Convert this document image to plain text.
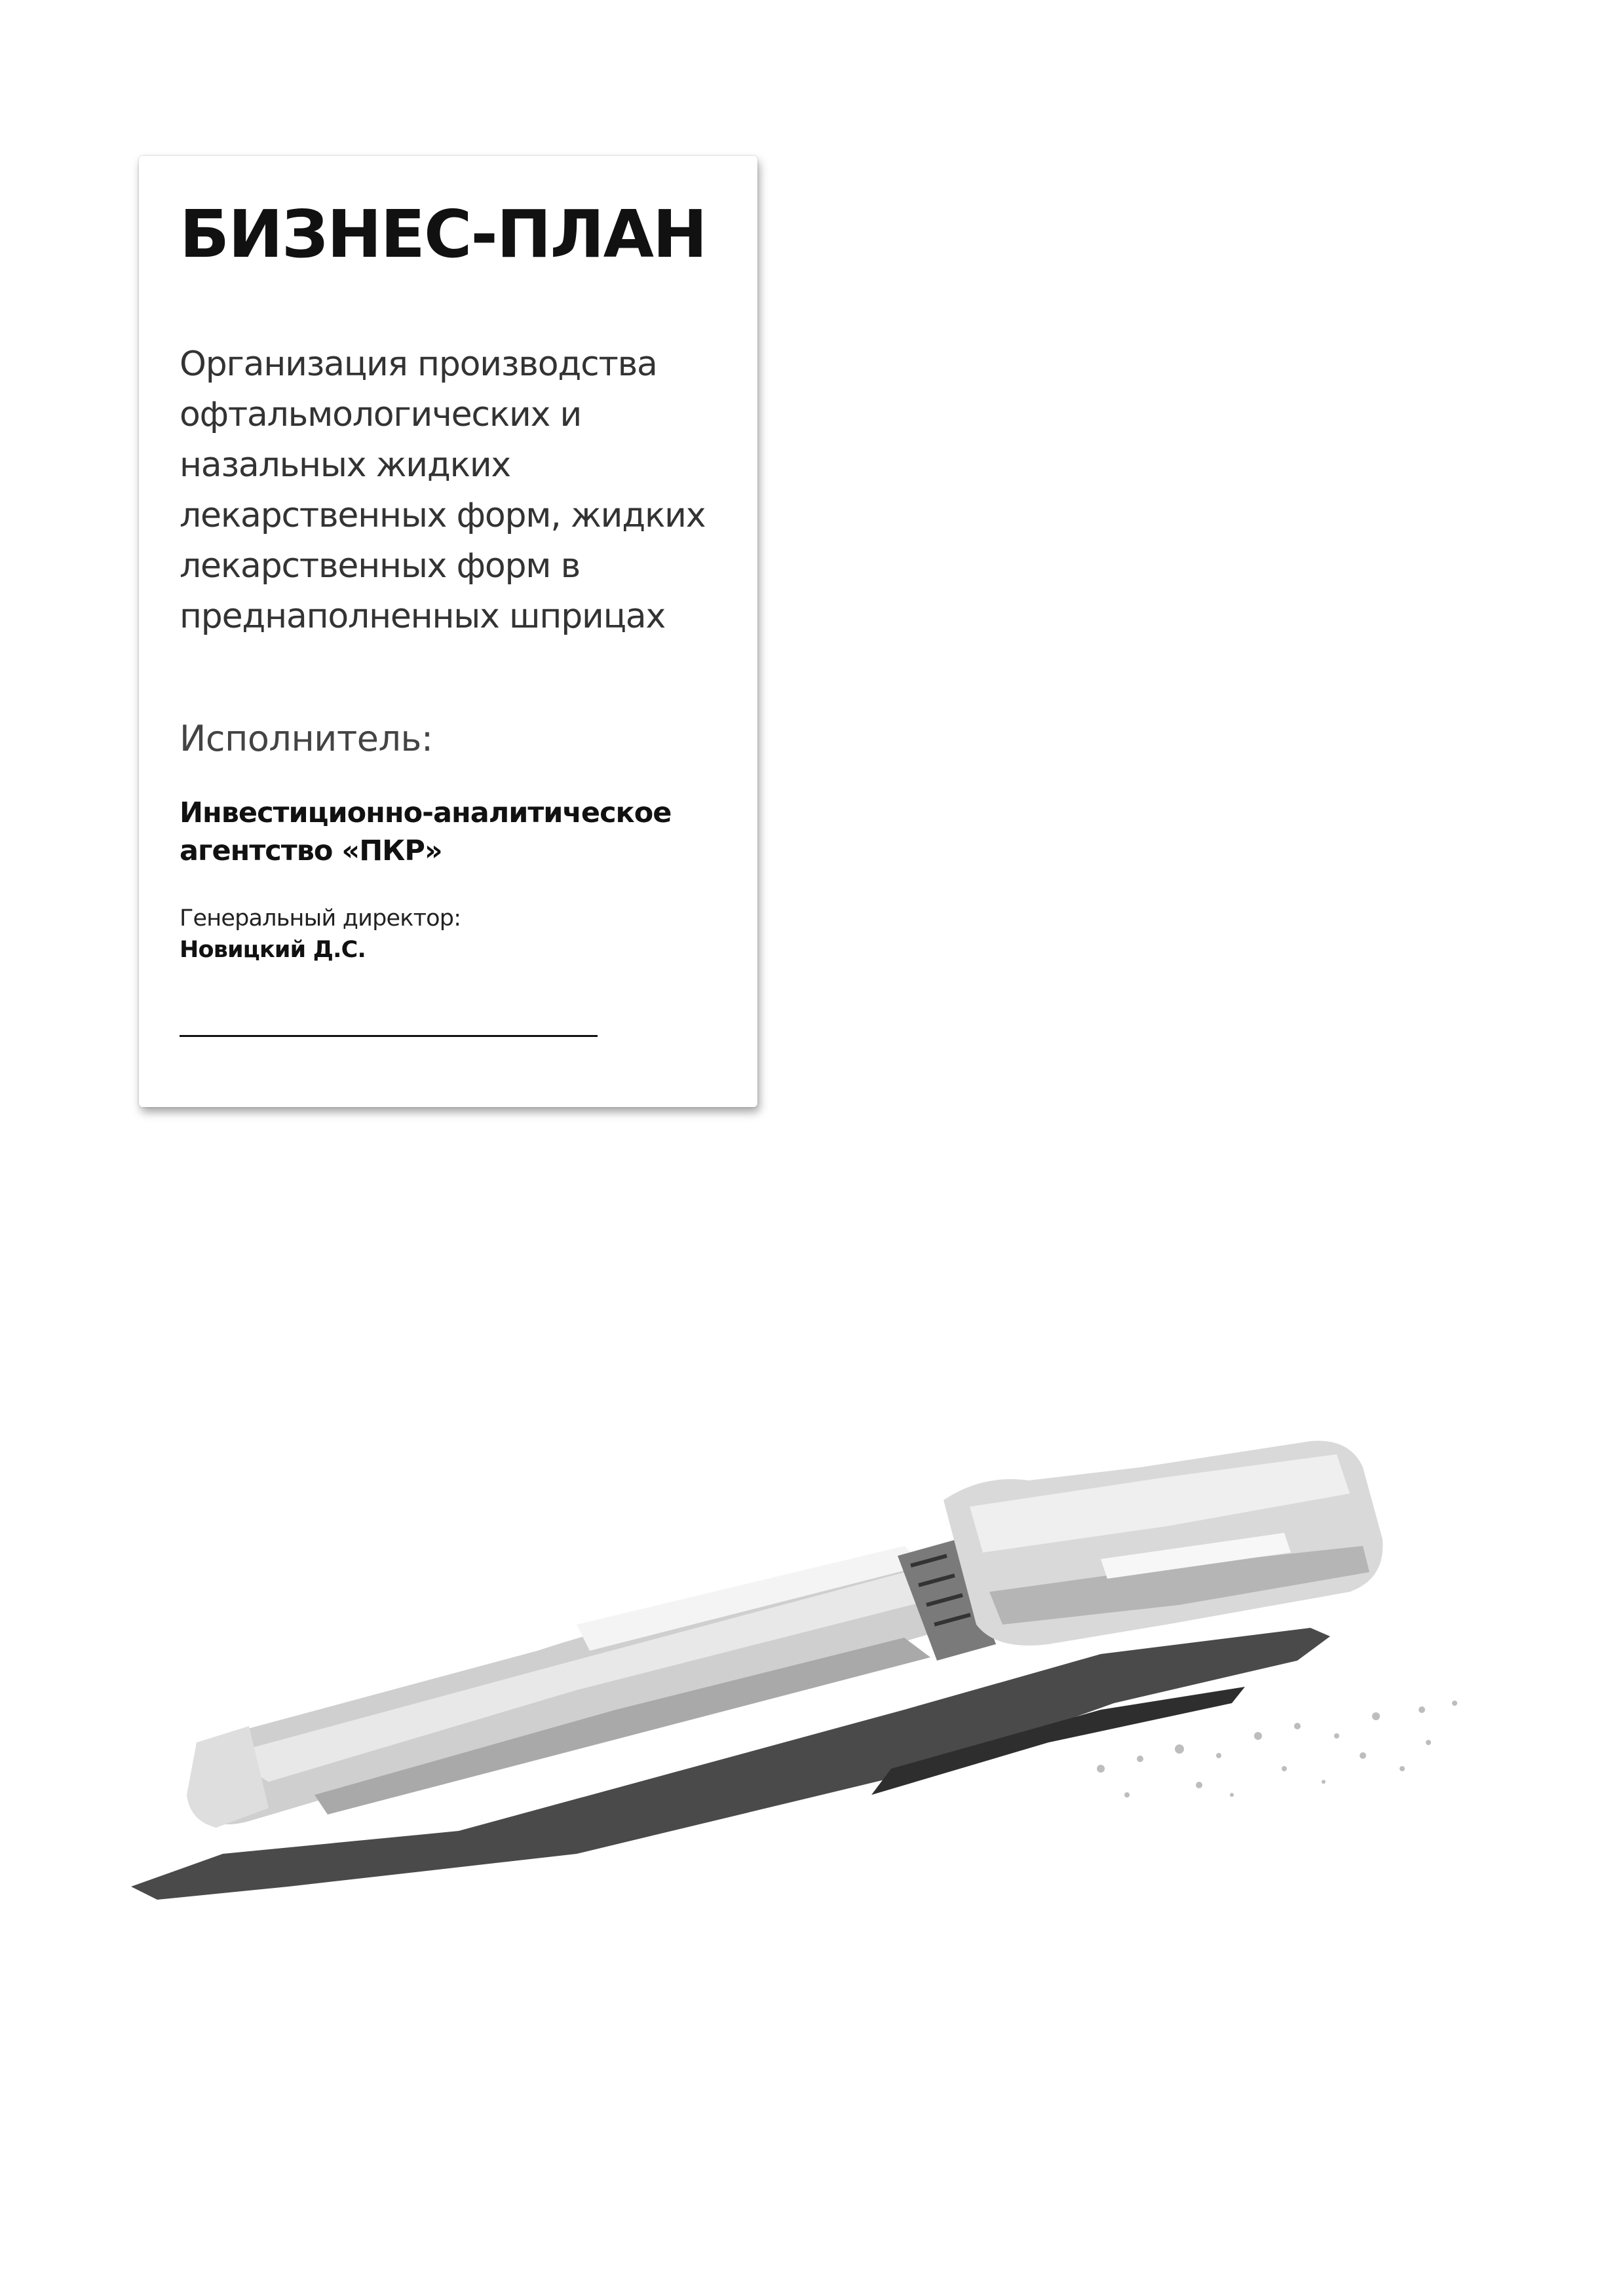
БИЗНЕС-ПЛАН
Организация производства
офтальмологических и
назальных жидких
лекарственных форм, жидких
лекарственных форм в
преднаполненных шприцах
Исполнитель:
Инвестиционно-аналитическое
агентство «ПКР»
Генеральный директор:
Новицкий Д.С.
